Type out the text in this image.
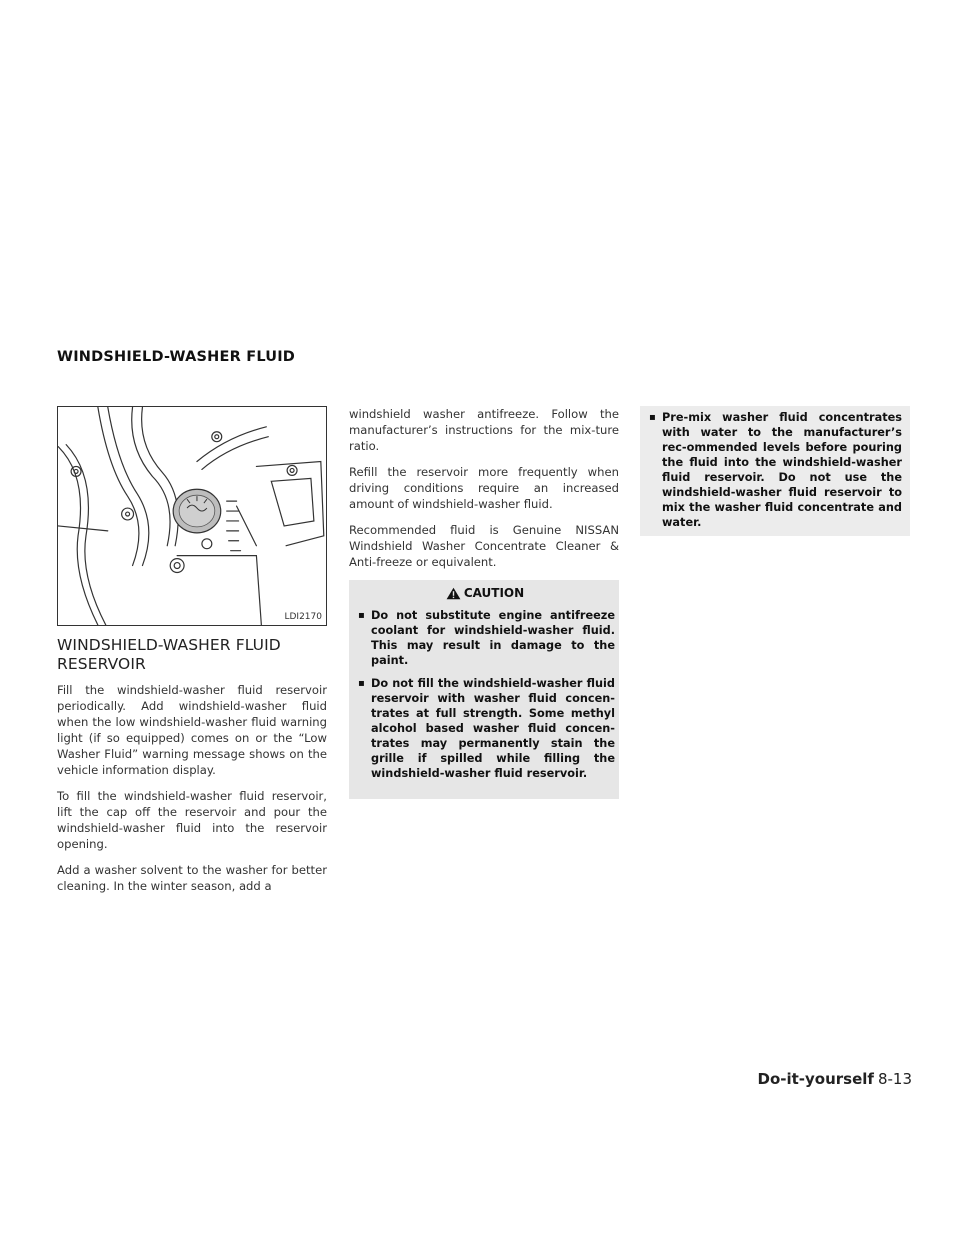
WINDSHIELD-WASHER FLUID
LDI2170
WINDSHIELD-WASHER FLUID RESERVOIR

Fill the windshield-washer fluid reservoir periodically. Add windshield-washer fluid when the low windshield-washer fluid warning light (if so equipped) comes on or the “Low Washer Fluid” warning message shows on the vehicle information display.

To fill the windshield-washer fluid reservoir, lift the cap off the reservoir and pour the windshield-washer fluid into the reservoir opening.

Add a washer solvent to the washer for better cleaning. In the winter season, add a

windshield washer antifreeze. Follow the manufacturer’s instructions for the mix-ture ratio.

Refill the reservoir more frequently when driving conditions require an increased amount of windshield-washer fluid.

Recommended fluid is Genuine NISSAN Windshield Washer Concentrate Cleaner & Anti-freeze or equivalent.

CAUTION
▪ Do not substitute engine antifreeze coolant for windshield-washer fluid. This may result in damage to the paint.
▪ Do not fill the windshield-washer fluid reservoir with washer fluid concen-trates at full strength. Some methyl alcohol based washer fluid concen-trates may permanently stain the grille if spilled while filling the windshield-washer fluid reservoir.
▪ Pre-mix washer fluid concentrates with water to the manufacturer’s rec-ommended levels before pouring the fluid into the windshield-washer fluid reservoir. Do not use the windshield-washer fluid reservoir to mix the washer fluid concentrate and water.
Do-it-yourself 8-13
